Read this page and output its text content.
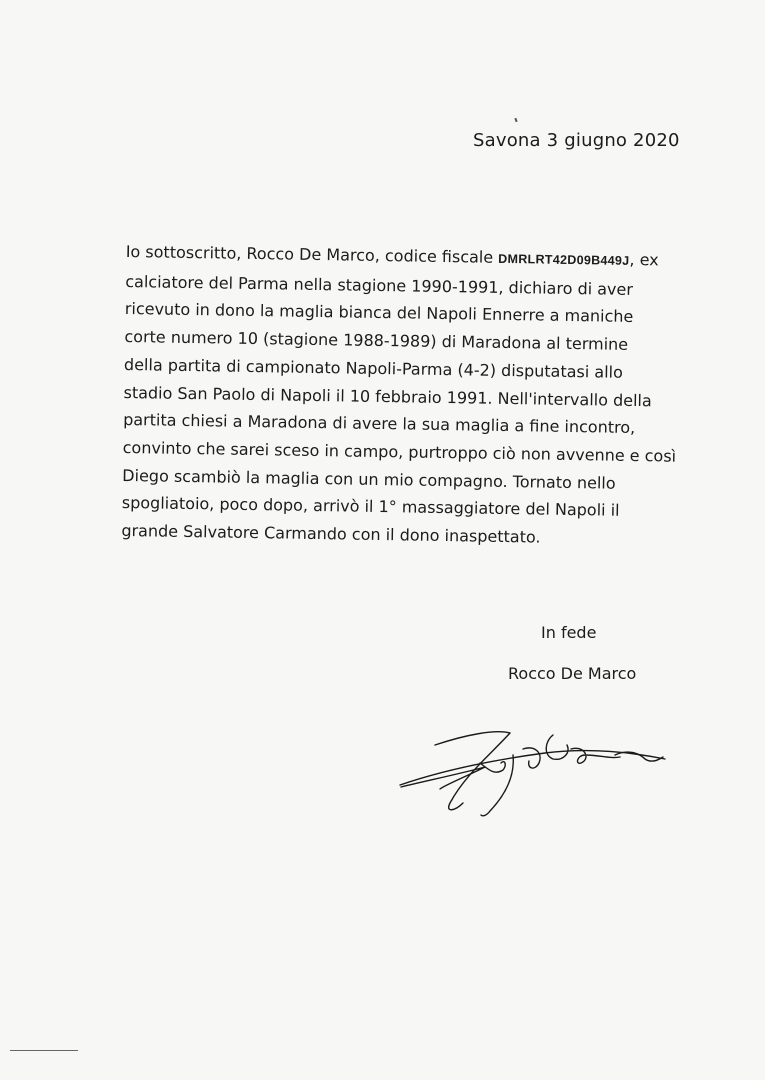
Savona 3 giugno 2020
Io sottoscritto, Rocco De Marco, codice fiscale DMRLRT42D09B449J, ex
calciatore del Parma nella stagione 1990-1991, dichiaro di aver
ricevuto in dono la maglia bianca del Napoli Ennerre a maniche
corte numero 10 (stagione 1988-1989) di Maradona al termine
della partita di campionato Napoli-Parma (4-2) disputatasi allo
stadio San Paolo di Napoli il 10 febbraio 1991. Nell'intervallo della
partita chiesi a Maradona di avere la sua maglia a fine incontro,
convinto che sarei sceso in campo, purtroppo ciò non avvenne e così
Diego scambiò la maglia con un mio compagno. Tornato nello
spogliatoio, poco dopo, arrivò il 1° massaggiatore del Napoli il
grande Salvatore Carmando con il dono inaspettato.
In fede
Rocco De Marco
